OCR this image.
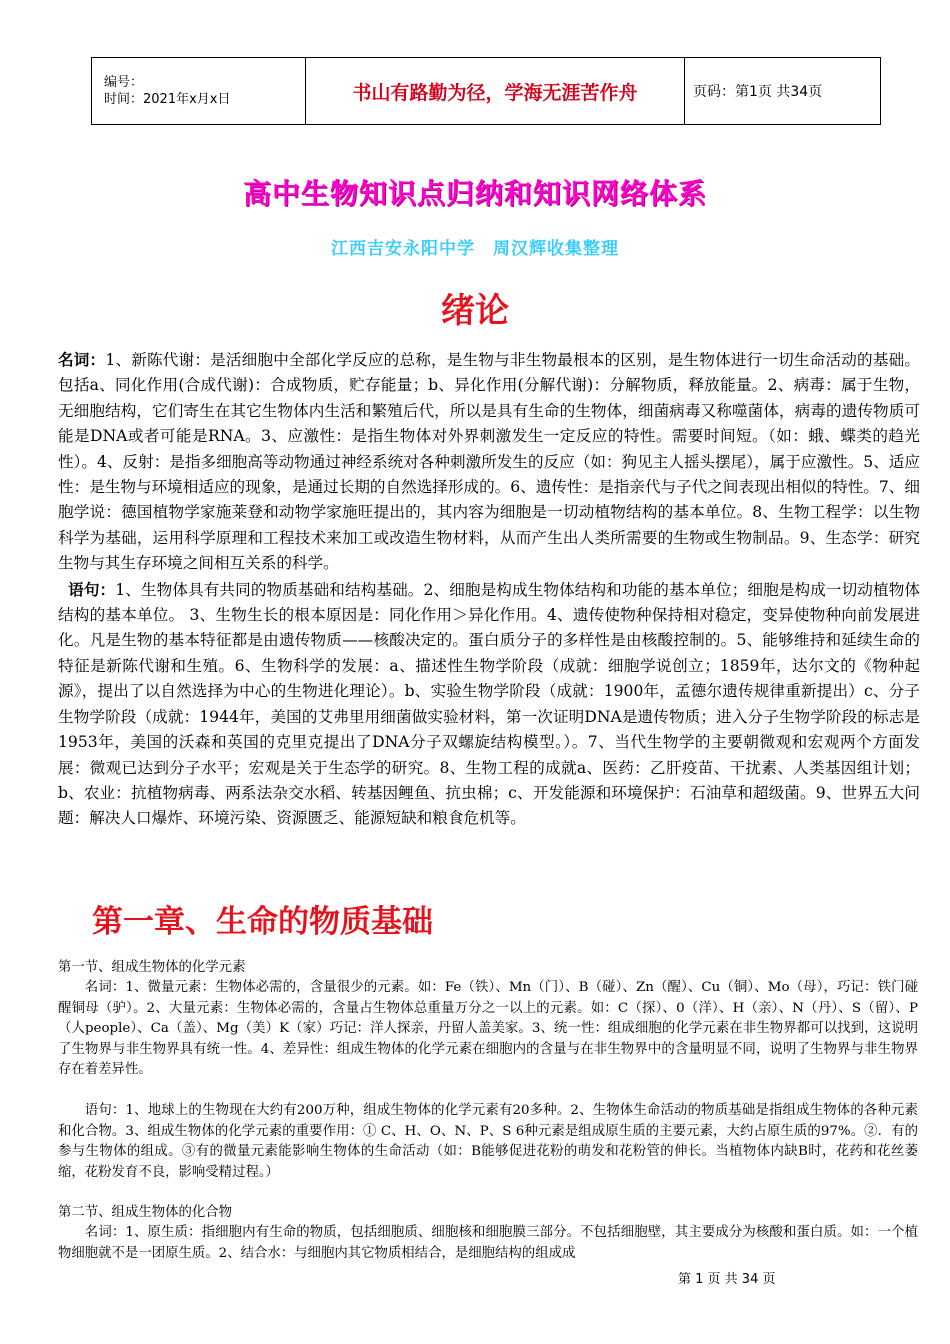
编号：
时间：2021年x月x日	书山有路勤为径，学海无涯苦作舟	页码：第1页 共34页
高中生物知识点归纳和知识网络体系
江西吉安永阳中学　周汉辉收集整理
绪论
名词：1、新陈代谢：是活细胞中全部化学反应的总称，是生物与非生物最根本的区别，是生物体进行一切生命活动的基础。包括a、同化作用(合成代谢)：合成物质，贮存能量；b、异化作用(分解代谢)：分解物质，释放能量。2、病毒：属于生物，无细胞结构，它们寄生在其它生物体内生活和繁殖后代，所以是具有生命的生物体，细菌病毒又称噬菌体，病毒的遗传物质可能是DNA或者可能是RNA。3、应激性：是指生物体对外界刺激发生一定反应的特性。需要时间短。（如：蛾、蝶类的趋光性）。4、反射：是指多细胞高等动物通过神经系统对各种刺激所发生的反应（如：狗见主人摇头摆尾），属于应激性。5、适应性：是生物与环境相适应的现象，是通过长期的自然选择形成的。6、遗传性：是指亲代与子代之间表现出相似的特性。7、细胞学说：德国植物学家施莱登和动物学家施旺提出的，其内容为细胞是一切动植物结构的基本单位。8、生物工程学：以生物科学为基础，运用科学原理和工程技术来加工或改造生物材料，从而产生出人类所需要的生物或生物制品。9、生态学：研究生物与其生存环境之间相互关系的科学。
语句：1、生物体具有共同的物质基础和结构基础。2、细胞是构成生物体结构和功能的基本单位；细胞是构成一切动植物体结构的基本单位。 3、生物生长的根本原因是：同化作用＞异化作用。4、遗传使物种保持相对稳定，变异使物种向前发展进化。凡是生物的基本特征都是由遗传物质——核酸决定的。蛋白质分子的多样性是由核酸控制的。5、能够维持和延续生命的特征是新陈代谢和生殖。6、生物科学的发展：a、描述性生物学阶段（成就：细胞学说创立；1859年，达尔文的《物种起源》，提出了以自然选择为中心的生物进化理论）。b、实验生物学阶段（成就：1900年，孟德尔遗传规律重新提出）c、分子生物学阶段（成就：1944年，美国的艾弗里用细菌做实验材料，第一次证明DNA是遗传物质；进入分子生物学阶段的标志是1953年，美国的沃森和英国的克里克提出了DNA分子双螺旋结构模型。）。7、当代生物学的主要朝微观和宏观两个方面发展：微观已达到分子水平；宏观是关于生态学的研究。8、生物工程的成就a、医药：乙肝疫苗、干扰素、人类基因组计划；b、农业：抗植物病毒、两系法杂交水稻、转基因鲤鱼、抗虫棉；c、开发能源和环境保护：石油草和超级菌。9、世界五大问题：解决人口爆炸、环境污染、资源匮乏、能源短缺和粮食危机等。
第一章、生命的物质基础
第一节、组成生物体的化学元素
名词：1、微量元素：生物体必需的，含量很少的元素。如：Fe（铁）、Mn（门）、B（碰）、Zn（醒）、Cu（铜）、Mo（母），巧记：铁门碰醒铜母（驴）。2、大量元素：生物体必需的，含量占生物体总重量万分之一以上的元素。如：C（探）、0（洋）、H（亲）、N（丹）、S（留）、P（人people）、Ca（盖）、Mg（美）K（家）巧记：洋人探亲，丹留人盖美家。3、统一性：组成细胞的化学元素在非生物界都可以找到，这说明了生物界与非生物界具有统一性。4、差异性：组成生物体的化学元素在细胞内的含量与在非生物界中的含量明显不同，说明了生物界与非生物界存在着差异性。
语句：1、地球上的生物现在大约有200万种，组成生物体的化学元素有20多种。2、生物体生命活动的物质基础是指组成生物体的各种元素和化合物。3、组成生物体的化学元素的重要作用：① C、H、O、N、P、S 6种元素是组成原生质的主要元素，大约占原生质的97%。②．有的参与生物体的组成。③有的微量元素能影响生物体的生命活动（如：B能够促进花粉的萌发和花粉管的伸长。当植物体内缺B时，花药和花丝萎缩，花粉发育不良，影响受精过程。）
第二节、组成生物体的化合物
名词：1、原生质：指细胞内有生命的物质，包括细胞质、细胞核和细胞膜三部分。不包括细胞壁，其主要成分为核酸和蛋白质。如：一个植物细胞就不是一团原生质。2、结合水：与细胞内其它物质相结合，是细胞结构的组成成
第 1 页 共 34 页
